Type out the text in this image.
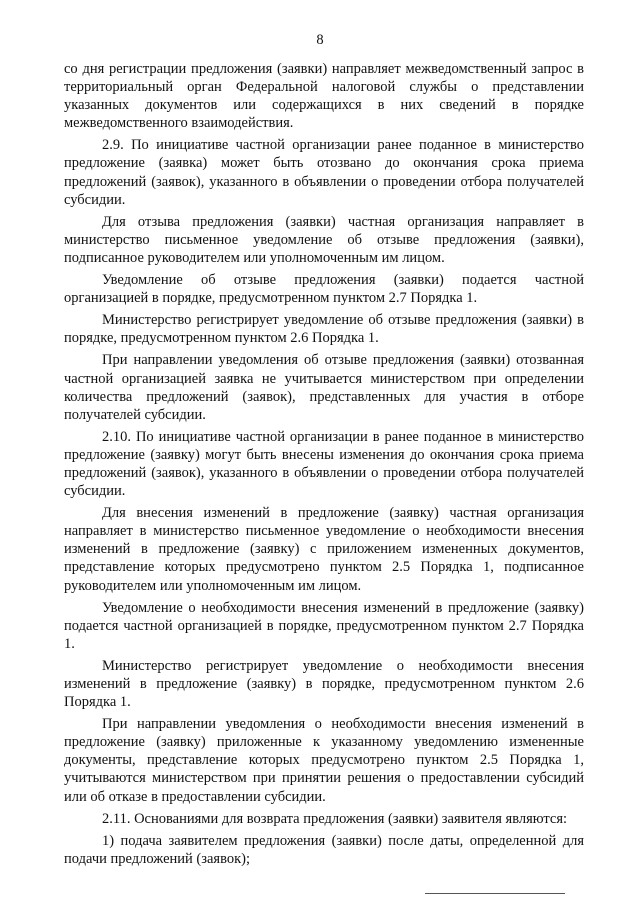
8

со дня регистрации предложения (заявки) направляет межведомственный запрос в территориальный орган Федеральной налоговой службы о представлении указанных документов или содержащихся в них сведений в порядке межведомственного взаимодействия.

2.9. По инициативе частной организации ранее поданное в министерство предложение (заявка) может быть отозвано до окончания срока приема предложений (заявок), указанного в объявлении о проведении отбора получателей субсидии.

Для отзыва предложения (заявки) частная организация направляет в министерство письменное уведомление об отзыве предложения (заявки), подписанное руководителем или уполномоченным им лицом.

Уведомление об отзыве предложения (заявки) подается частной организацией в порядке, предусмотренном пунктом 2.7 Порядка 1.

Министерство регистрирует уведомление об отзыве предложения (заявки) в порядке, предусмотренном пунктом 2.6 Порядка 1.

При направлении уведомления об отзыве предложения (заявки) отозванная частной организацией заявка не учитывается министерством при определении количества предложений (заявок), представленных для участия в отборе получателей субсидии.

2.10. По инициативе частной организации в ранее поданное в министерство предложение (заявку) могут быть внесены изменения до окончания срока приема предложений (заявок), указанного в объявлении о проведении отбора получателей субсидии.

Для внесения изменений в предложение (заявку) частная организация направляет в министерство письменное уведомление о необходимости внесения изменений в предложение (заявку) с приложением измененных документов, представление которых предусмотрено пунктом 2.5 Порядка 1, подписанное руководителем или уполномоченным им лицом.

Уведомление о необходимости внесения изменений в предложение (заявку) подается частной организацией в порядке, предусмотренном пунктом 2.7 Порядка 1.

Министерство регистрирует уведомление о необходимости внесения изменений в предложение (заявку) в порядке, предусмотренном пунктом 2.6 Порядка 1.

При направлении уведомления о необходимости внесения изменений в предложение (заявку) приложенные к указанному уведомлению измененные документы, представление которых предусмотрено пунктом 2.5 Порядка 1, учитываются министерством при принятии решения о предоставлении субсидий или об отказе в предоставлении субсидии.

2.11. Основаниями для возврата предложения (заявки) заявителя являются:

1) подача заявителем предложения (заявки) после даты, определенной для подачи предложений (заявок);
